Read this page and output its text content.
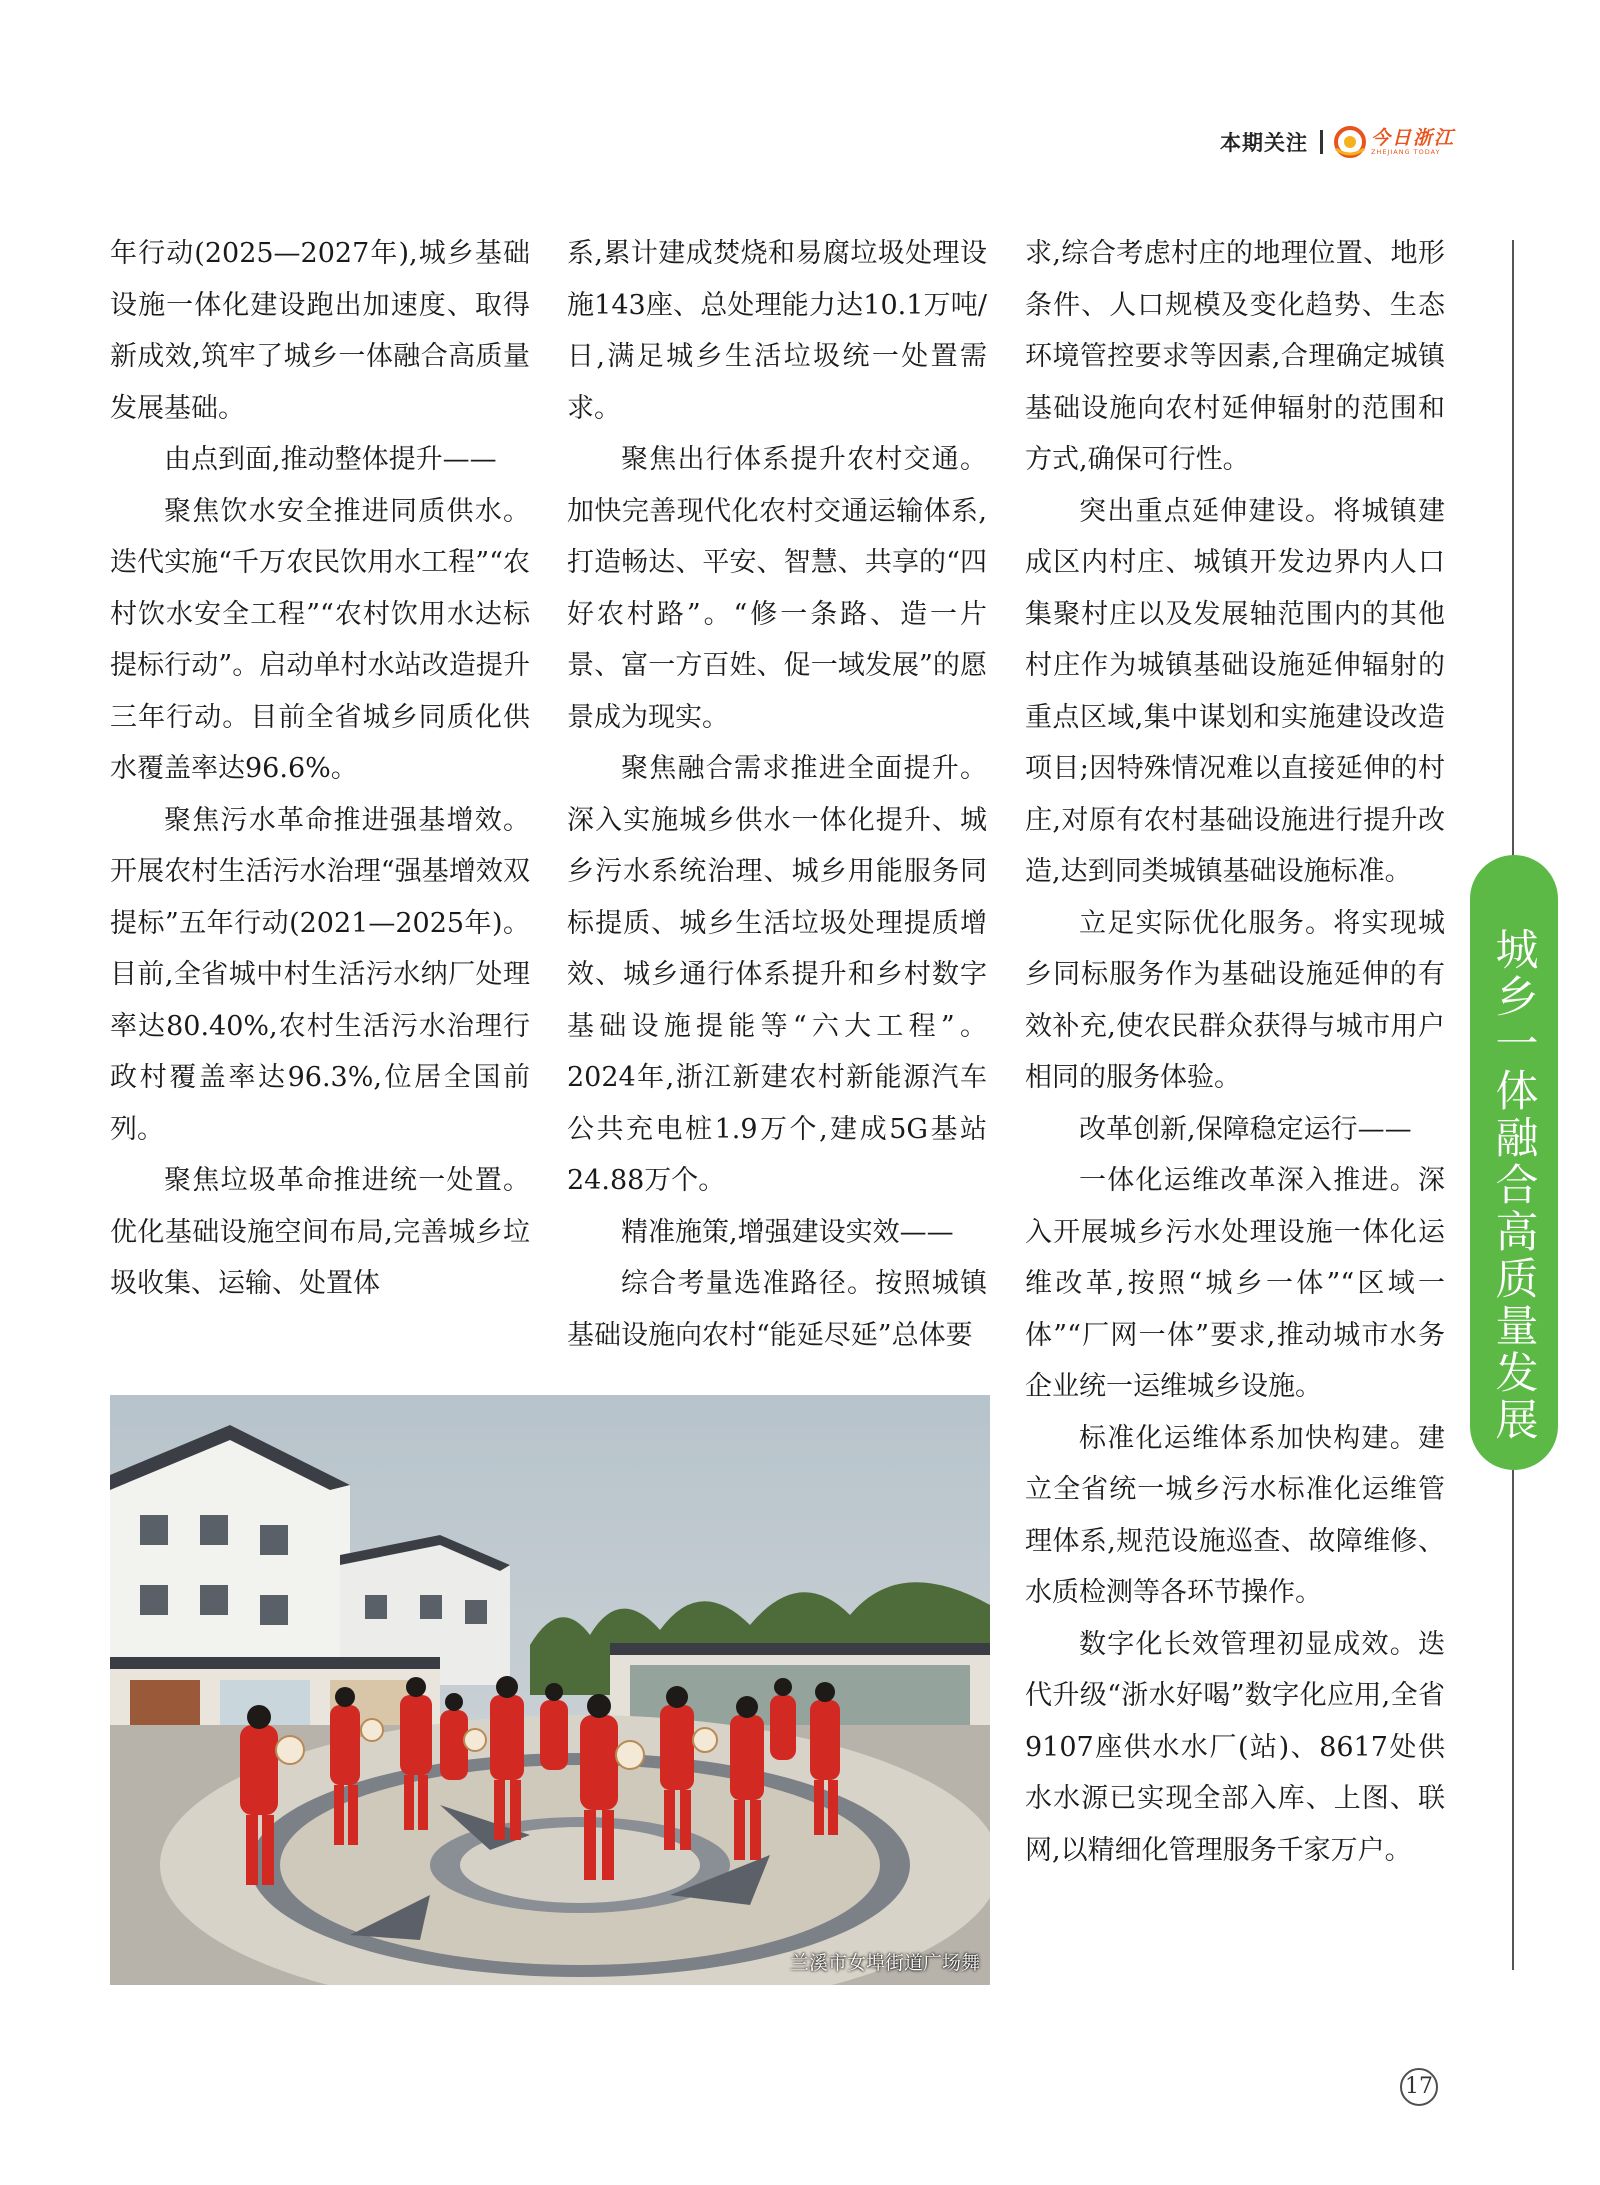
本期关注	今日浙江
ZHEJIANG TODAY

年行动(2025—2027年),城乡基础设施一体化建设跑出加速度、取得新成效,筑牢了城乡一体融合高质量发展基础。

由点到面,推动整体提升——

聚焦饮水安全推进同质供水。迭代实施“千万农民饮用水工程”“农村饮水安全工程”“农村饮用水达标提标行动”。启动单村水站改造提升三年行动。目前全省城乡同质化供水覆盖率达96.6%。

聚焦污水革命推进强基增效。开展农村生活污水治理“强基增效双提标”五年行动(2021—2025年)。目前,全省城中村生活污水纳厂处理率达80.40%,农村生活污水治理行政村覆盖率达96.3%,位居全国前列。

聚焦垃圾革命推进统一处置。优化基础设施空间布局,完善城乡垃圾收集、运输、处置体

系,累计建成焚烧和易腐垃圾处理设施143座、总处理能力达10.1万吨/日,满足城乡生活垃圾统一处置需求。

聚焦出行体系提升农村交通。加快完善现代化农村交通运输体系,打造畅达、平安、智慧、共享的“四好农村路”。“修一条路、造一片景、富一方百姓、促一域发展”的愿景成为现实。

聚焦融合需求推进全面提升。深入实施城乡供水一体化提升、城乡污水系统治理、城乡用能服务同标提质、城乡生活垃圾处理提质增效、城乡通行体系提升和乡村数字基础设施提能等“六大工程”。2024年,浙江新建农村新能源汽车公共充电桩1.9万个,建成5G基站24.88万个。

精准施策,增强建设实效——

综合考量选准路径。按照城镇基础设施向农村“能延尽延”总体要

求,综合考虑村庄的地理位置、地形条件、人口规模及变化趋势、生态环境管控要求等因素,合理确定城镇基础设施向农村延伸辐射的范围和方式,确保可行性。

突出重点延伸建设。将城镇建成区内村庄、城镇开发边界内人口集聚村庄以及发展轴范围内的其他村庄作为城镇基础设施延伸辐射的重点区域,集中谋划和实施建设改造项目;因特殊情况难以直接延伸的村庄,对原有农村基础设施进行提升改造,达到同类城镇基础设施标准。

立足实际优化服务。将实现城乡同标服务作为基础设施延伸的有效补充,使农民群众获得与城市用户相同的服务体验。

改革创新,保障稳定运行——

一体化运维改革深入推进。深入开展城乡污水处理设施一体化运维改革,按照“城乡一体”“区域一体”“厂网一体”要求,推动城市水务企业统一运维城乡设施。

标准化运维体系加快构建。建立全省统一城乡污水标准化运维管理体系,规范设施巡查、故障维修、水质检测等各环节操作。

数字化长效管理初显成效。迭代升级“浙水好喝”数字化应用,全省9107座供水水厂(站)、8617处供水水源已实现全部入库、上图、联网,以精细化管理服务千家万户。

兰溪市女埠街道广场舞
城乡一体融合高质量发展
17
